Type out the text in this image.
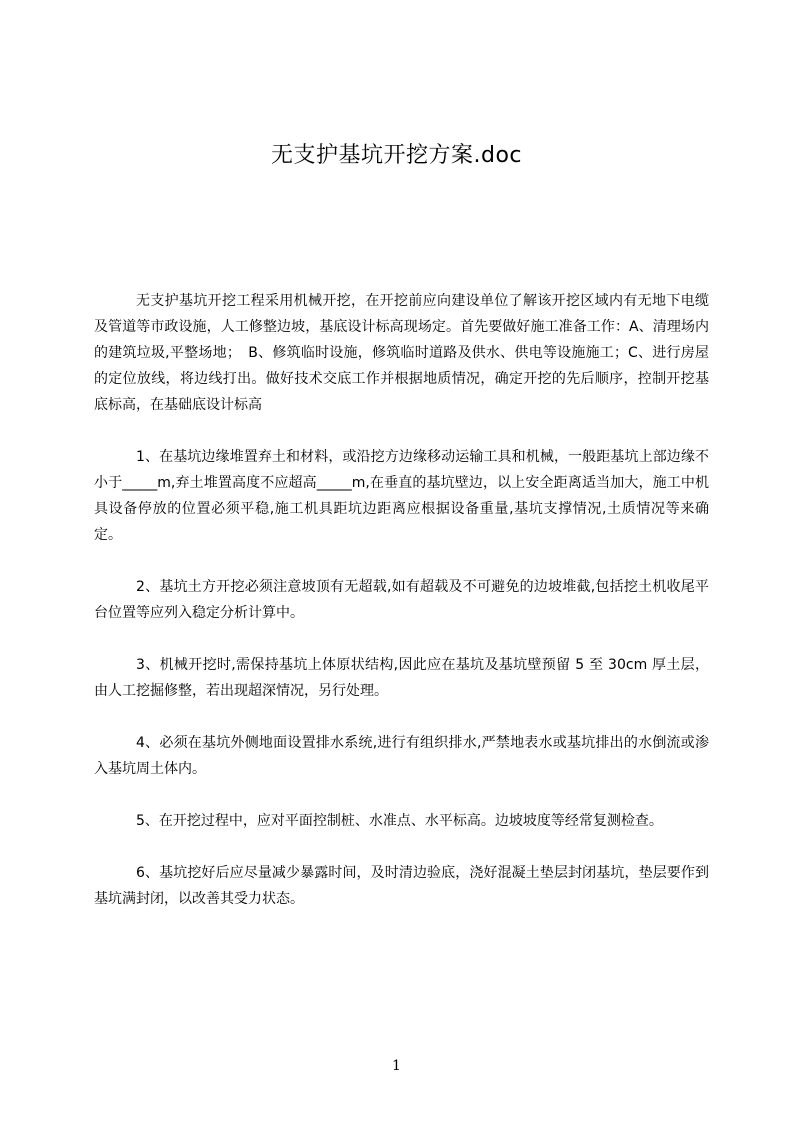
无支护基坑开挖方案.doc

无支护基坑开挖工程采用机械开挖，在开挖前应向建设单位了解该开挖区域内有无地下电缆及管道等市政设施，人工修整边坡，基底设计标高现场定。首先要做好施工准备工作：A、清理场内的建筑垃圾,平整场地；　B、修筑临时设施，修筑临时道路及供水、供电等设施施工；C、进行房屋的定位放线，将边线打出。做好技术交底工作并根据地质情况，确定开挖的先后顺序，控制开挖基底标高，在基础底设计标高

1、在基坑边缘堆置弃土和材料，或沿挖方边缘移动运输工具和机械，一般距基坑上部边缘不小于_____m,弃土堆置高度不应超高_____m,在垂直的基坑壁边，以上安全距离适当加大，施工中机具设备停放的位置必须平稳,施工机具距坑边距离应根据设备重量,基坑支撑情况,土质情况等来确定。

2、基坑土方开挖必须注意坡顶有无超载,如有超载及不可避免的边坡堆截,包括挖土机收尾平台位置等应列入稳定分析计算中。

3、机械开挖时,需保持基坑上体原状结构,因此应在基坑及基坑壁预留 5 至 30cm 厚土层，由人工挖掘修整，若出现超深情况，另行处理。

4、必须在基坑外侧地面设置排水系统,进行有组织排水,严禁地表水或基坑排出的水倒流或渗入基坑周土体内。

5、在开挖过程中，应对平面控制桩、水准点、水平标高。边坡坡度等经常复测检查。

6、基坑挖好后应尽量减少暴露时间，及时清边验底，浇好混凝土垫层封闭基坑，垫层要作到基坑满封闭，以改善其受力状态。

1
